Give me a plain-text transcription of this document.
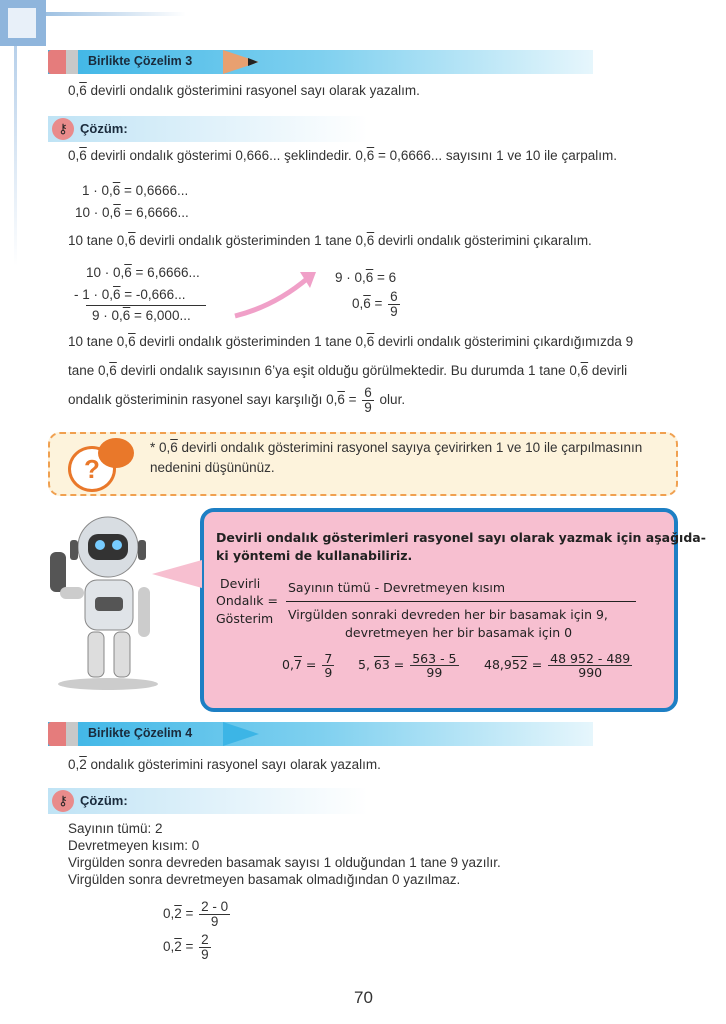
Birlikte Çözelim 3
0,6 devirli ondalık gösterimini rasyonel sayı olarak yazalım.
⚷ Çözüm:
0,6 devirli ondalık gösterimi 0,666... şeklindedir. 0,6 = 0,6666... sayısını 1 ve 10 ile çarpalım.
1 · 0,6 = 0,6666...
10 · 0,6 = 6,6666...
10 tane 0,6 devirli ondalık gösteriminden 1 tane 0,6 devirli ondalık gösterimini çıkaralım.
10 · 0,6 = 6,6666...
- 1 · 0,6 = -0,666...
9 · 0,6 = 6,000...
9 · 0,6 = 6
$0,6 = \frac{6}{9}$
10 tane 0,6 devirli ondalık gösteriminden 1 tane 0,6 devirli ondalık gösterimini çıkardığımızda 9
tane 0,6 devirli ondalık sayısının 6’ya eşit olduğu görülmektedir. Bu durumda 1 tane 0,6 devirli
ondalık gösteriminin rasyonel sayı karşılığı $0,6 = \frac{6}{9}$ olur.
?
* 0,6 devirli ondalık gösterimini rasyonel sayıya çevirirken 1 ve 10 ile çarpılmasının
nedenini düşününüz.
Devirli ondalık gösterimleri rasyonel sayı olarak yazmak için aşağıda-
ki yöntemi de kullanabiliriz.
Devirli
Ondalık =
Gösterim
Sayının tümü - Devretmeyen kısım
Virgülden sonraki devreden her bir basamak için 9,
devretmeyen her bir basamak için 0
$0,7 = \frac{7}{9} 5$, $63 = \frac{563 - 5}{99} 48,952 = \frac{48 952 - 489}{990}$
Birlikte Çözelim 4
0,2 ondalık gösterimini rasyonel sayı olarak yazalım.
⚷ Çözüm:
Sayının tümü: 2
Devretmeyen kısım: 0
Virgülden sonra devreden basamak sayısı 1 olduğundan 1 tane 9 yazılır.
Virgülden sonra devretmeyen basamak olmadığından 0 yazılmaz.
$0,2 = \frac{2 - 0}{9}$
$0,2 = \frac{2}{9}$
70
